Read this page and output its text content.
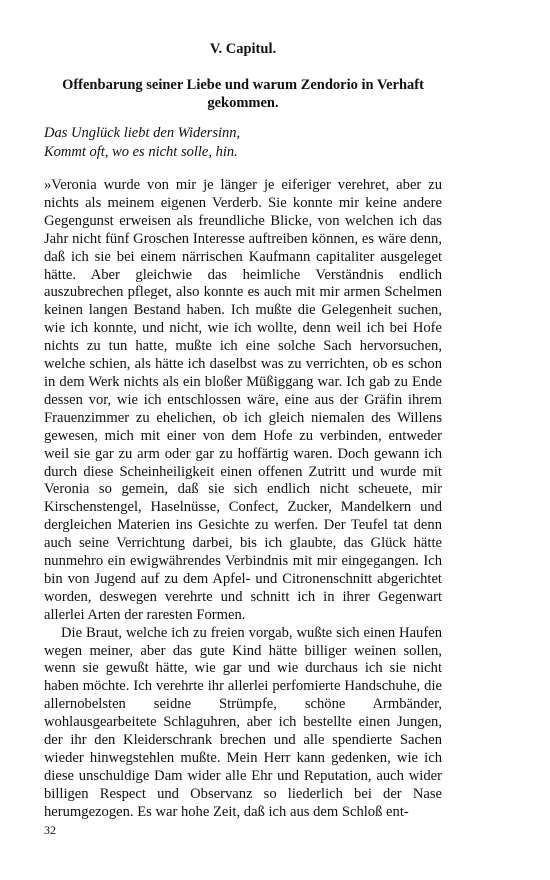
V. Capitul.
Offenbarung seiner Liebe und warum Zendorio in Verhaft gekommen.
Das Unglück liebt den Widersinn,
Kommt oft, wo es nicht solle, hin.

»Veronia wurde von mir je länger je eiferiger verehret, aber zu nichts als meinem eigenen Verderb. Sie konnte mir keine andere Gegengunst erweisen als freundliche Blicke, von welchen ich das Jahr nicht fünf Groschen Interesse auftreiben können, es wäre denn, daß ich sie bei einem närrischen Kaufmann capitaliter ausgeleget hätte. Aber gleichwie das heimliche Verständnis endlich auszubrechen pfleget, also konnte es auch mit mir armen Schelmen keinen langen Bestand haben. Ich mußte die Gelegenheit suchen, wie ich konnte, und nicht, wie ich wollte, denn weil ich bei Hofe nichts zu tun hatte, mußte ich eine solche Sach hervorsuchen, welche schien, als hätte ich daselbst was zu verrichten, ob es schon in dem Werk nichts als ein bloßer Müßiggang war. Ich gab zu Ende dessen vor, wie ich entschlossen wäre, eine aus der Gräfin ihrem Frauenzimmer zu ehelichen, ob ich gleich niemalen des Willens gewesen, mich mit einer von dem Hofe zu verbinden, entweder weil sie gar zu arm oder gar zu hoffärtig waren. Doch gewann ich durch diese Scheinheiligkeit einen offenen Zutritt und wurde mit Veronia so gemein, daß sie sich endlich nicht scheuete, mir Kirschenstengel, Haselnüsse, Confect, Zucker, Mandelkern und dergleichen Materien ins Gesichte zu werfen. Der Teufel tat denn auch seine Verrichtung darbei, bis ich glaubte, das Glück hätte nunmehro ein ewigwährendes Verbindnis mit mir eingegangen. Ich bin von Jugend auf zu dem Apfel- und Citronenschnitt abgerichtet worden, deswegen verehrte und schnitt ich in ihrer Gegenwart allerlei Arten der raresten Formen.

Die Braut, welche ich zu freien vorgab, wußte sich einen Haufen wegen meiner, aber das gute Kind hätte billiger weinen sollen, wenn sie gewußt hätte, wie gar und wie durchaus ich sie nicht haben möchte. Ich verehrte ihr allerlei perfomierte Handschuhe, die allernobelsten seidne Strümpfe, schöne Armbänder, wohlausgearbeitete Schlaguhren, aber ich bestellte einen Jungen, der ihr den Kleiderschrank brechen und alle spendierte Sachen wieder hinwegstehlen mußte. Mein Herr kann gedenken, wie ich diese unschuldige Dam wider alle Ehr und Reputation, auch wider billigen Respect und Observanz so liederlich bei der Nase herumgezogen. Es war hohe Zeit, daß ich aus dem Schloß ent-

32
